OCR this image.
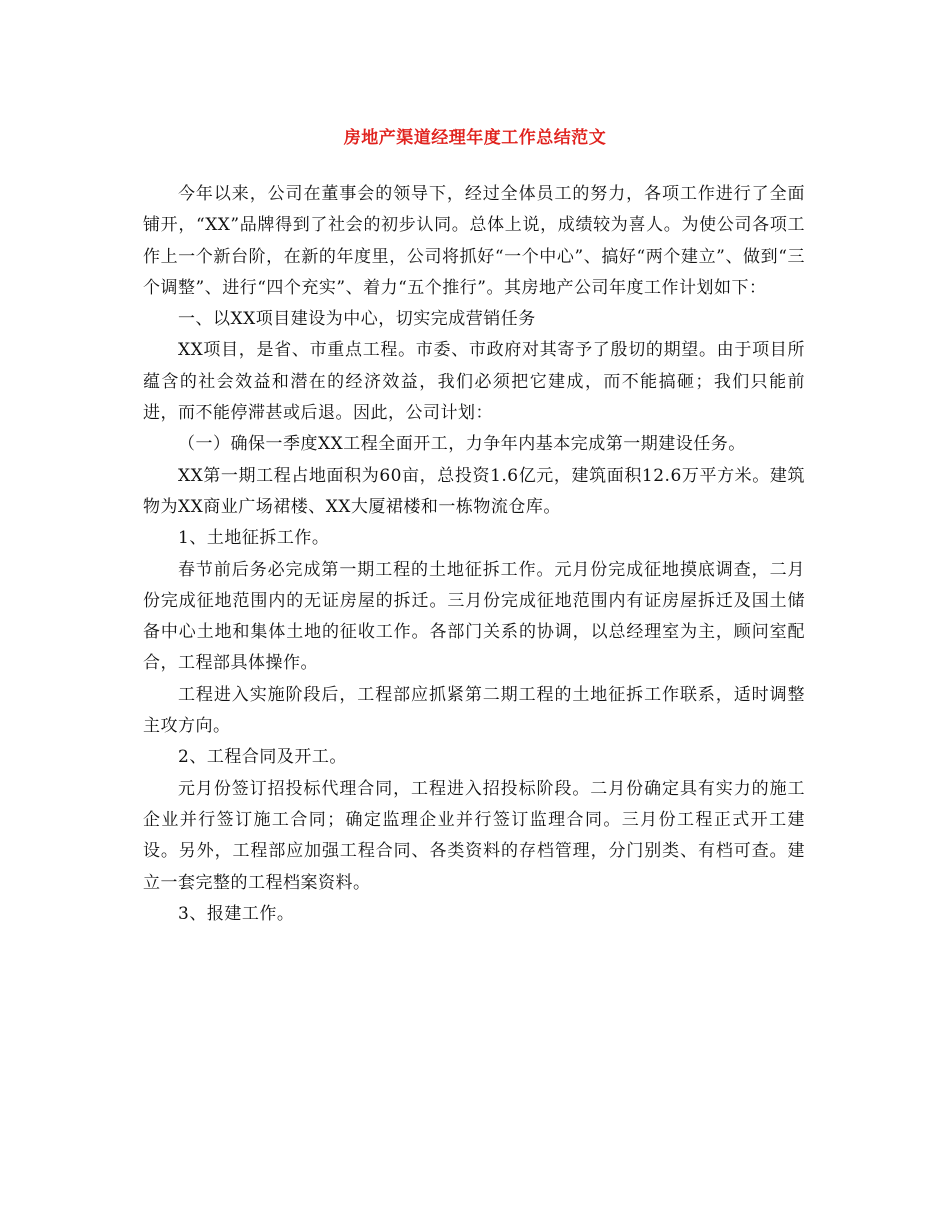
房地产渠道经理年度工作总结范文

今年以来，公司在董事会的领导下，经过全体员工的努力，各项工作进行了全面铺开，“XX”品牌得到了社会的初步认同。总体上说，成绩较为喜人。为使公司各项工作上一个新台阶，在新的年度里，公司将抓好“一个中心”、搞好“两个建立”、做到“三个调整”、进行“四个充实”、着力“五个推行”。其房地产公司年度工作计划如下：

一、以XX项目建设为中心，切实完成营销任务

XX项目，是省、市重点工程。市委、市政府对其寄予了殷切的期望。由于项目所蕴含的社会效益和潜在的经济效益，我们必须把它建成，而不能搞砸；我们只能前进，而不能停滞甚或后退。因此，公司计划：

（一）确保一季度XX工程全面开工，力争年内基本完成第一期建设任务。

XX第一期工程占地面积为60亩，总投资1.6亿元，建筑面积12.6万平方米。建筑物为XX商业广场裙楼、XX大厦裙楼和一栋物流仓库。

1、土地征拆工作。

春节前后务必完成第一期工程的土地征拆工作。元月份完成征地摸底调查，二月份完成征地范围内的无证房屋的拆迁。三月份完成征地范围内有证房屋拆迁及国土储备中心土地和集体土地的征收工作。各部门关系的协调，以总经理室为主，顾问室配合，工程部具体操作。

工程进入实施阶段后，工程部应抓紧第二期工程的土地征拆工作联系，适时调整主攻方向。

2、工程合同及开工。

元月份签订招投标代理合同，工程进入招投标阶段。二月份确定具有实力的施工企业并行签订施工合同；确定监理企业并行签订监理合同。三月份工程正式开工建设。另外，工程部应加强工程合同、各类资料的存档管理，分门别类、有档可查。建立一套完整的工程档案资料。

3、报建工作。
